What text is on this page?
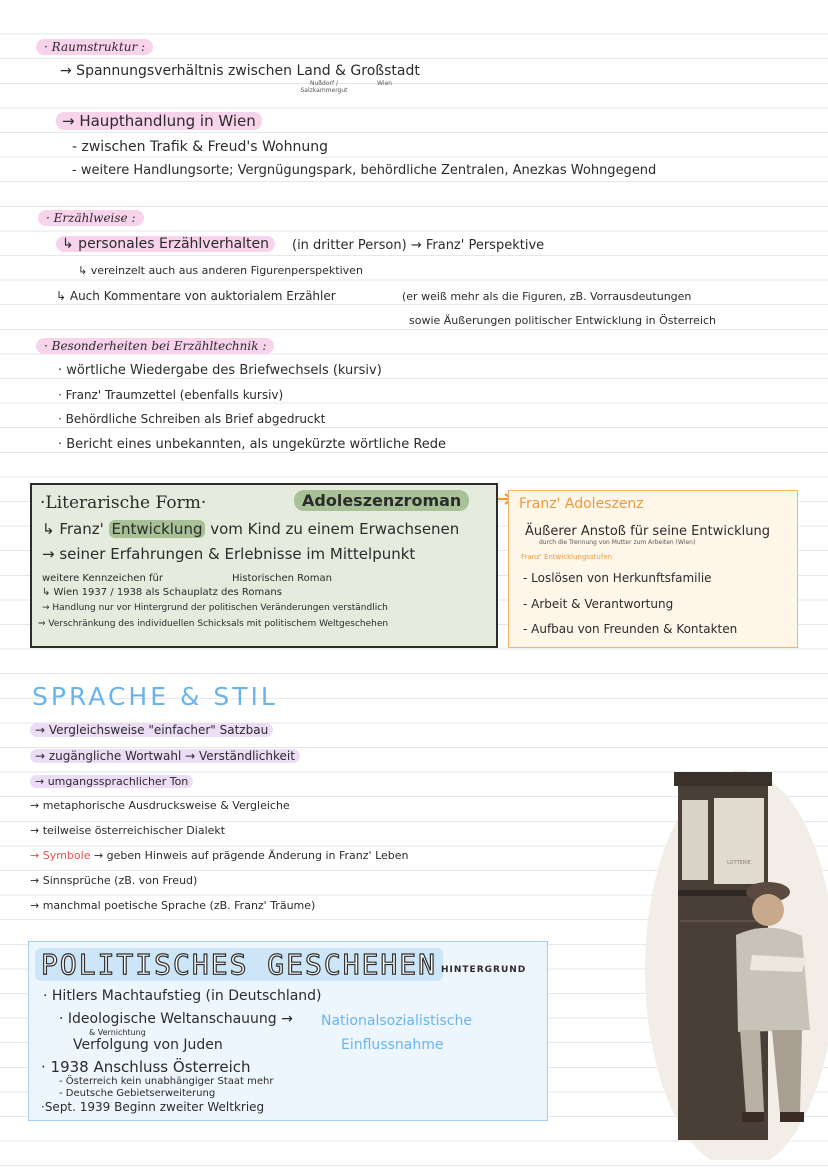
· Raumstruktur :
→ Spannungsverhältnis zwischen Land & Großstadt
Nußdorf / Salzkammergut
Wien
→ Haupthandlung in Wien
- zwischen Trafik & Freud's Wohnung
- weitere Handlungsorte; Vergnügungspark, behördliche Zentralen, Anezkas Wohngegend
· Erzählweise :
↳ personales Erzählverhalten	(in dritter Person) → Franz' Perspektive
↳ vereinzelt auch aus anderen Figurenperspektiven
↳ Auch Kommentare von auktorialem Erzähler	(er weiß mehr als die Figuren, zB. Vorrausdeutungen
sowie Äußerungen politischer Entwicklung in Österreich
· Besonderheiten bei Erzähltechnik :
· wörtliche Wiedergabe des Briefwechsels (kursiv)
· Franz' Traumzettel (ebenfalls kursiv)
· Behördliche Schreiben als Brief abgedruckt
· Bericht eines unbekannten, als ungekürzte wörtliche Rede
·Literarische Form·	Adoleszenzroman
↳ Franz' Entwicklung vom Kind zu einem Erwachsenen
→ seiner Erfahrungen & Erlebnisse im Mittelpunkt
weitere Kennzeichen für	Historischen Roman
↳ Wien 1937 / 1938 als Schauplatz des Romans
→ Handlung nur vor Hintergrund der politischen Veränderungen verständlich
⇒ Verschränkung des individuellen Schicksals mit politischem Weltgeschehen
Franz' Adoleszenz
Äußerer Anstoß für seine Entwicklung
durch die Trennung von Mutter zum Arbeiten (Wien)
Franz' Entwicklungsstufen
- Loslösen von Herkunftsfamilie
- Arbeit & Verantwortung
- Aufbau von Freunden & Kontakten
SPRACHE & STIL
→ Vergleichsweise "einfacher" Satzbau
→ zugängliche Wortwahl → Verständlichkeit
→ umgangssprachlicher Ton
→ metaphorische Ausdrucksweise & Vergleiche
→ teilweise österreichischer Dialekt
→ Symbole → geben Hinweis auf prägende Änderung in Franz' Leben
→ Sinnsprüche (zB. von Freud)
→ manchmal poetische Sprache (zB. Franz' Träume)
POLITISCHES GESCHEHEN HINTERGRUND
· Hitlers Machtaufstieg (in Deutschland)
· Ideologische Weltanschauung → Nationalsozialistische
& Vernichtung
Verfolgung von Juden	Einflussnahme
· 1938 Anschluss Österreich
- Österreich kein unabhängiger Staat mehr
- Deutsche Gebietserweiterung
·Sept. 1939 Beginn zweiter Weltkrieg
LOTTERIE
